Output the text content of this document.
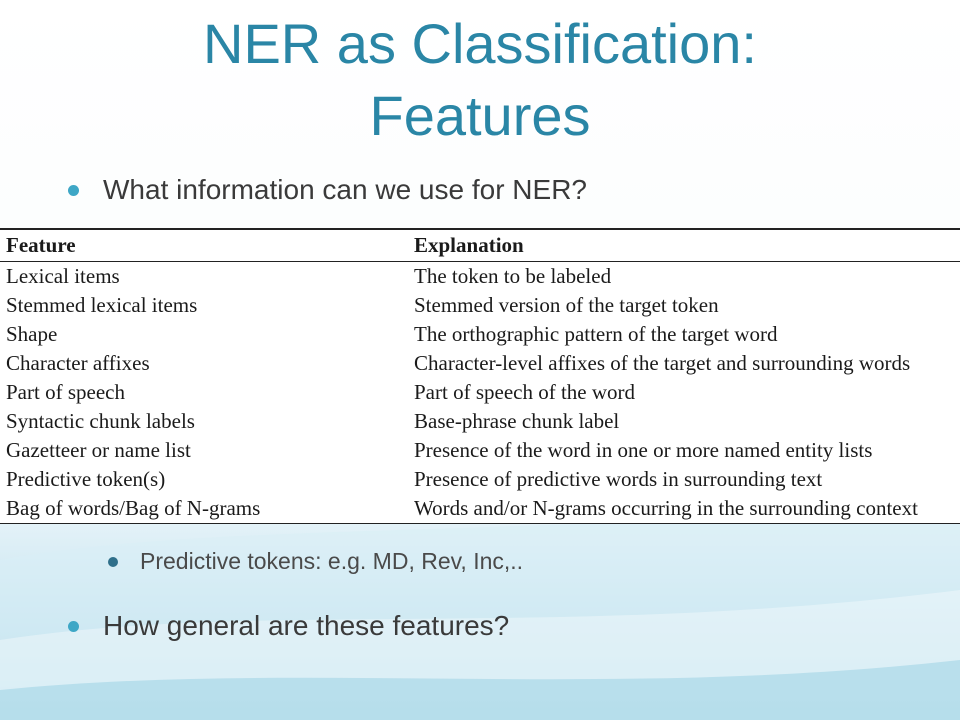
NER as Classification:
Features
What information can we use for NER?
Feature	Explanation
Lexical items	The token to be labeled
Stemmed lexical items	Stemmed version of the target token
Shape	The orthographic pattern of the target word
Character affixes	Character-level affixes of the target and surrounding words
Part of speech	Part of speech of the word
Syntactic chunk labels	Base-phrase chunk label
Gazetteer or name list	Presence of the word in one or more named entity lists
Predictive token(s)	Presence of predictive words in surrounding text
Bag of words/Bag of N-grams	Words and/or N-grams occurring in the surrounding context
Predictive tokens: e.g. MD, Rev, Inc,..
How general are these features?
